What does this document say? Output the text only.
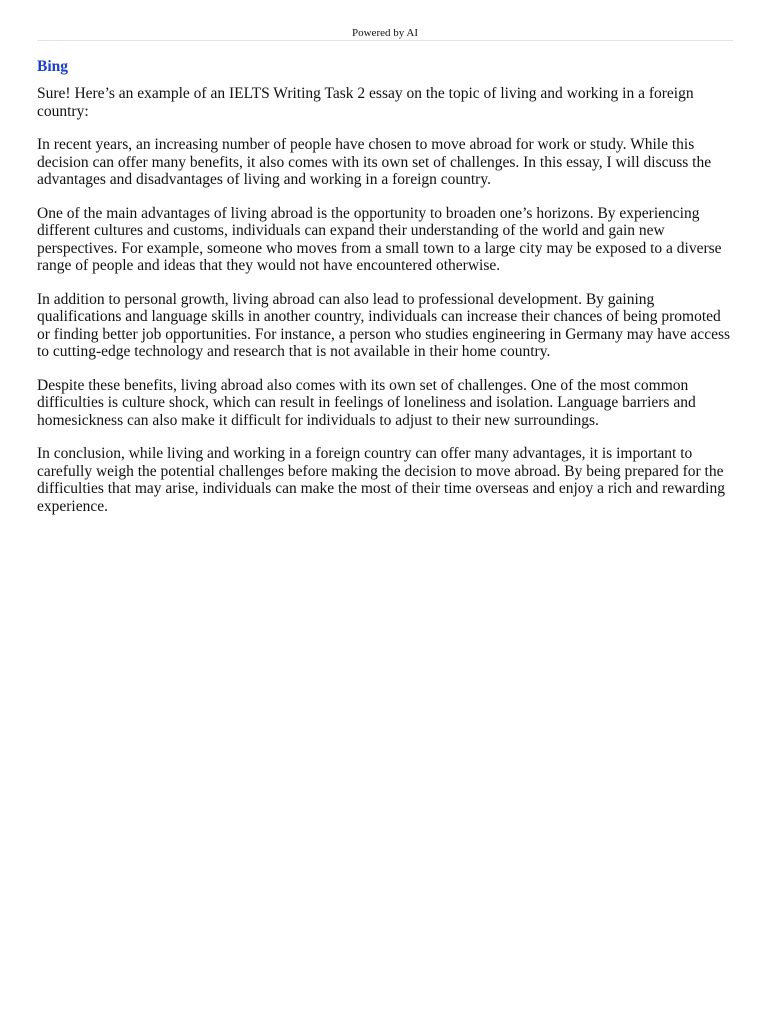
Powered by AI
Bing

Sure! Here’s an example of an IELTS Writing Task 2 essay on the topic of living and working in a foreign country:

In recent years, an increasing number of people have chosen to move abroad for work or study. While this decision can offer many benefits, it also comes with its own set of challenges. In this essay, I will discuss the advantages and disadvantages of living and working in a foreign country.

One of the main advantages of living abroad is the opportunity to broaden one’s horizons. By experiencing different cultures and customs, individuals can expand their understanding of the world and gain new perspectives. For example, someone who moves from a small town to a large city may be exposed to a diverse range of people and ideas that they would not have encountered otherwise.

In addition to personal growth, living abroad can also lead to professional development. By gaining qualifications and language skills in another country, individuals can increase their chances of being promoted or finding better job opportunities. For instance, a person who studies engineering in Germany may have access to cutting-edge technology and research that is not available in their home country.

Despite these benefits, living abroad also comes with its own set of challenges. One of the most common difficulties is culture shock, which can result in feelings of loneliness and isolation. Language barriers and homesickness can also make it difficult for individuals to adjust to their new surroundings.

In conclusion, while living and working in a foreign country can offer many advantages, it is important to carefully weigh the potential challenges before making the decision to move abroad. By being prepared for the difficulties that may arise, individuals can make the most of their time overseas and enjoy a rich and rewarding experience.
